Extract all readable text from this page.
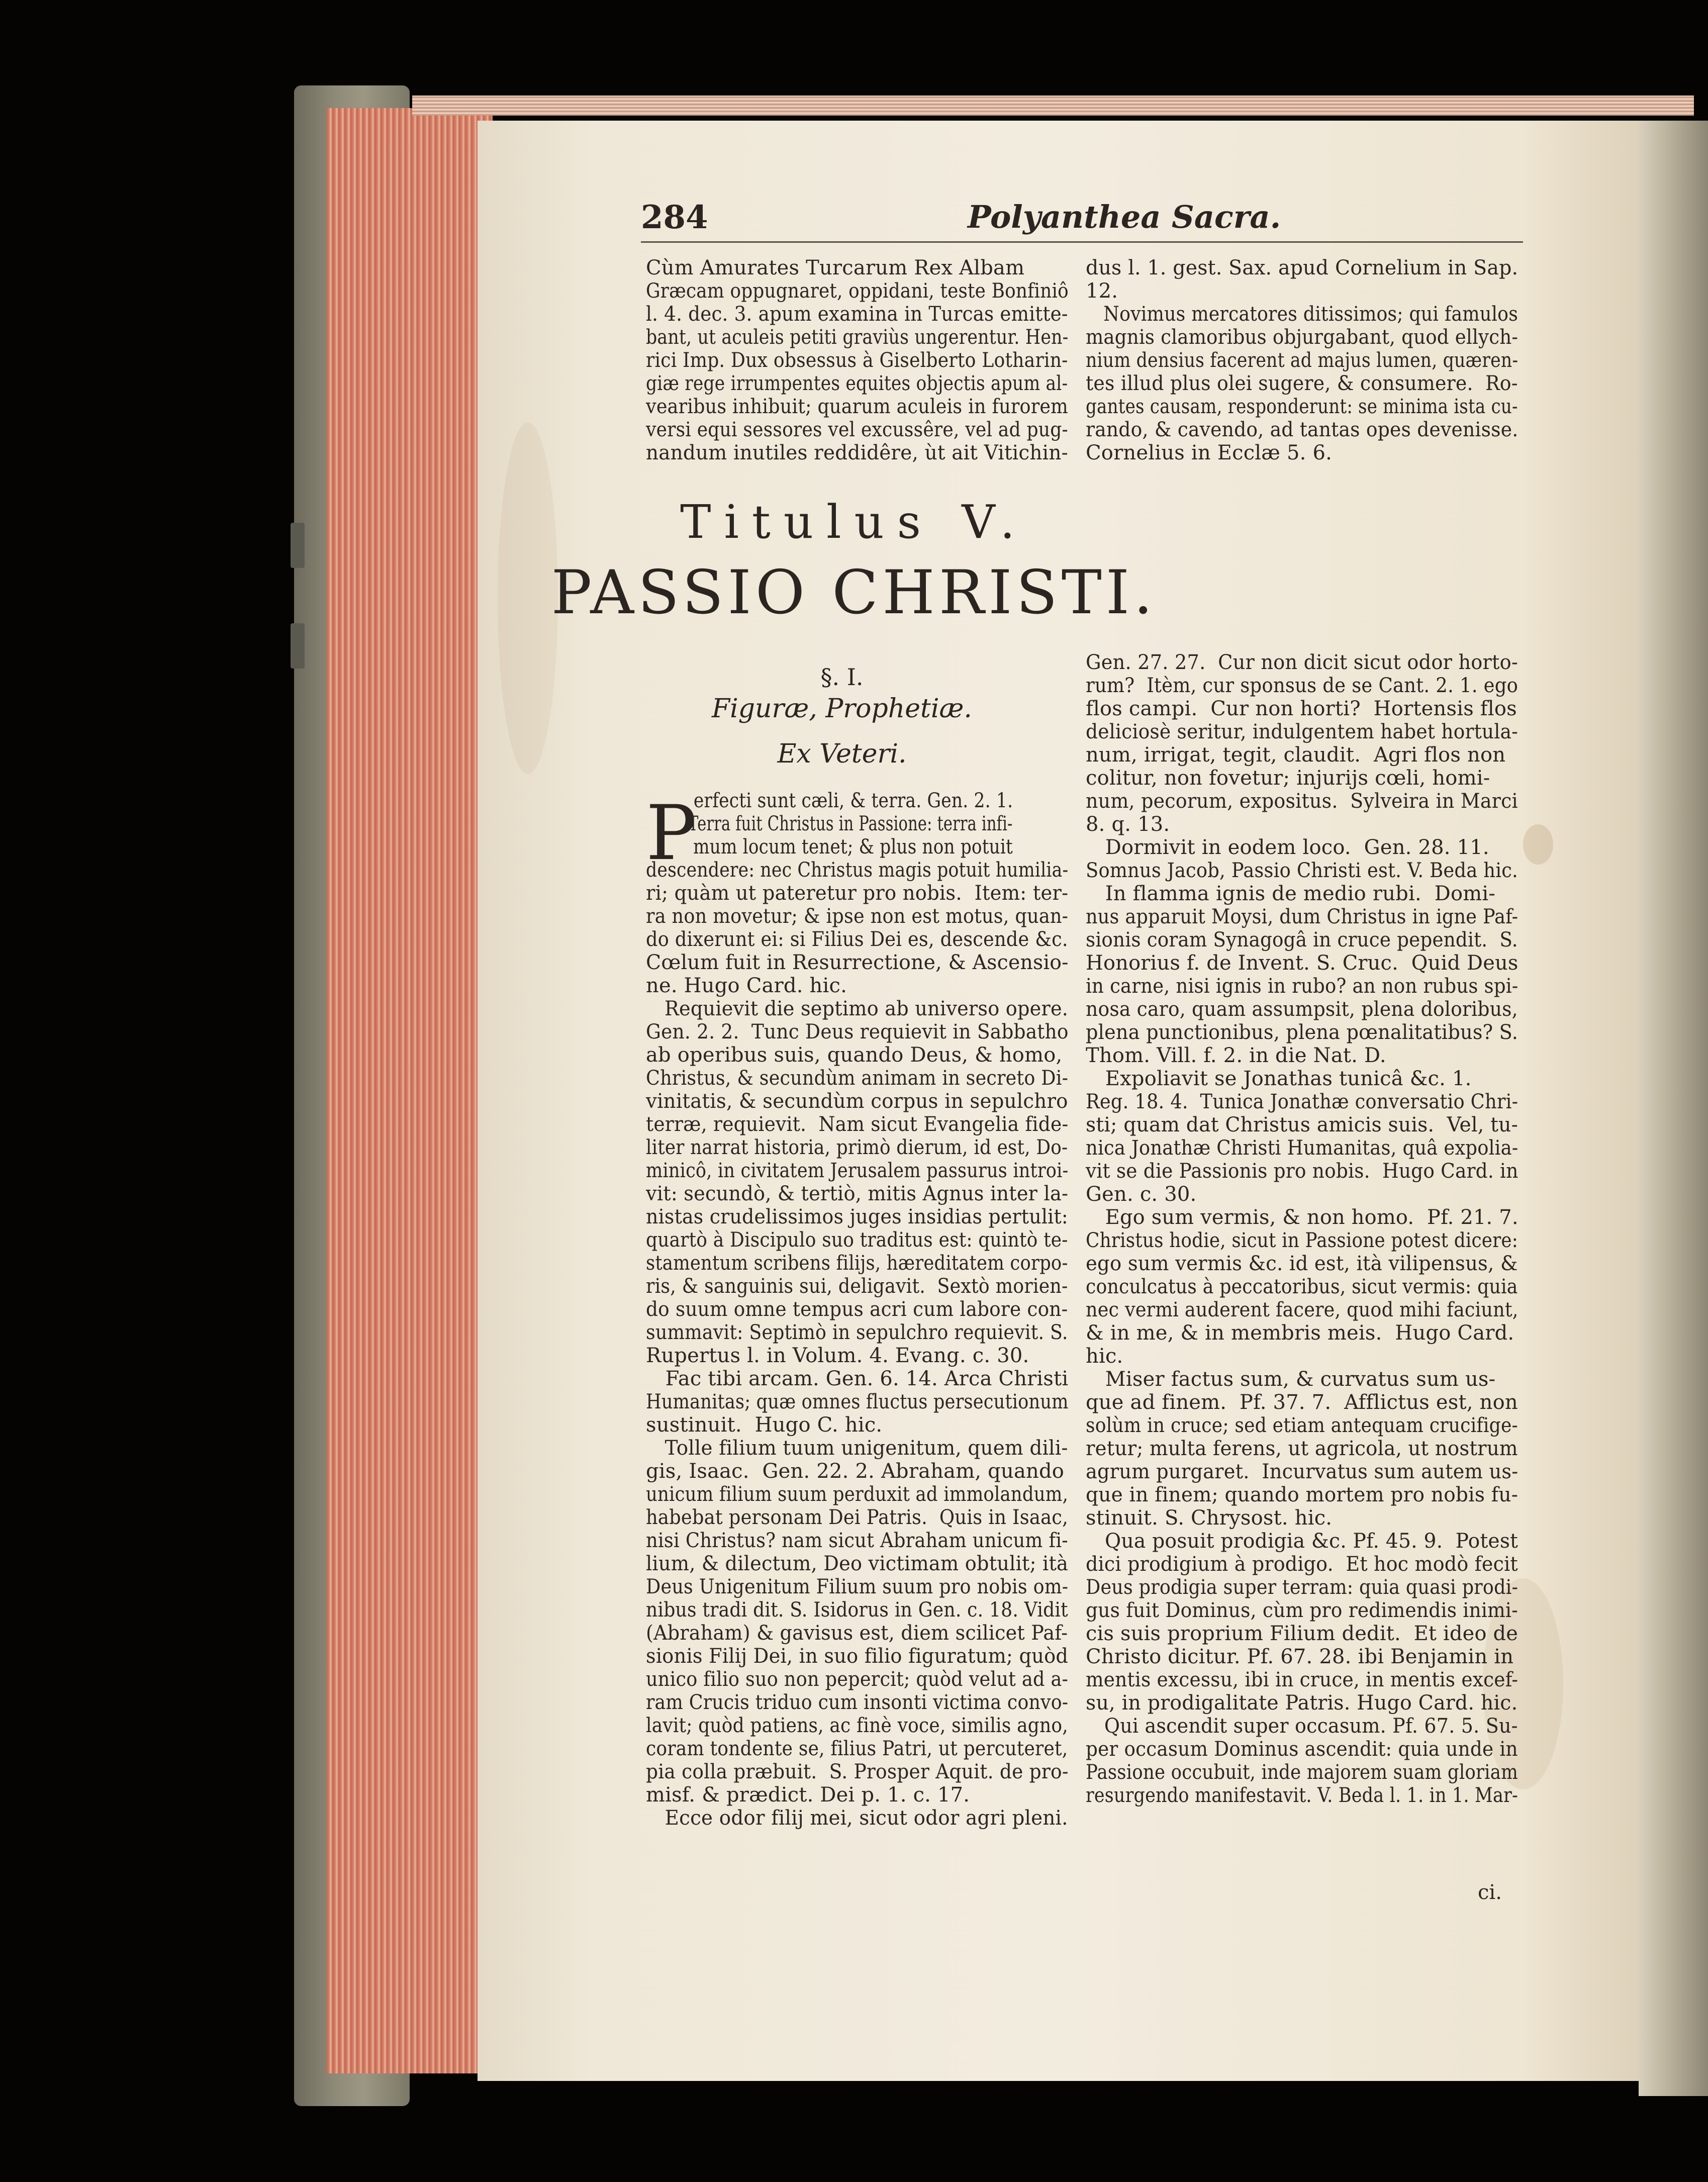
284	Polyanthea Sacra.
Cùm Amurates Turcarum Rex Albam
Græcam oppugnaret, oppidani, teste Bonfiniô
l. 4. dec. 3. apum examina in Turcas emitte-
bant, ut aculeis petiti graviùs ungerentur. Hen-
rici Imp. Dux obsessus à Giselberto Lotharin-
giæ rege irrumpentes equites objectis apum al-
vearibus inhibuit; quarum aculeis in furorem
versi equi sessores vel excussêre, vel ad pug-
nandum inutiles reddidêre, ùt ait Vitichin-
dus l. 1. gest. Sax. apud Cornelium in Sap.
12.
Novimus mercatores ditissimos; qui famulos
magnis clamoribus objurgabant, quod ellych-
nium densius facerent ad majus lumen, quæren-
tes illud plus olei sugere, & consumere.  Ro-
gantes causam, responderunt: se minima ista cu-
rando, & cavendo, ad tantas opes devenisse.
Cornelius in Ecclæ 5. 6.
Titulus V.
PASSIO CHRISTI.
§. I.
Figuræ, Prophetiæ.
Ex Veteri.
P
erfecti sunt cæli, & terra. Gen. 2. 1.
Terra fuit Christus in Passione: terra infi-
mum locum tenet; & plus non potuit
descendere: nec Christus magis potuit humilia-
ri; quàm ut pateretur pro nobis.  Item: ter-
ra non movetur; & ipse non est motus, quan-
do dixerunt ei: si Filius Dei es, descende &c.
Cœlum fuit in Resurrectione, & Ascensio-
ne. Hugo Card. hic.
Requievit die septimo ab universo opere.
Gen. 2. 2.  Tunc Deus requievit in Sabbatho
ab operibus suis, quando Deus, & homo,
Christus, & secundùm animam in secreto Di-
vinitatis, & secundùm corpus in sepulchro
terræ, requievit.  Nam sicut Evangelia fide-
liter narrat historia, primò dierum, id est, Do-
minicô, in civitatem Jerusalem passurus introi-
vit: secundò, & tertiò, mitis Agnus inter la-
nistas crudelissimos juges insidias pertulit:
quartò à Discipulo suo traditus est: quintò te-
stamentum scribens filijs, hæreditatem corpo-
ris, & sanguinis sui, deligavit.  Sextò morien-
do suum omne tempus acri cum labore con-
summavit: Septimò in sepulchro requievit. S.
Rupertus l. in Volum. 4. Evang. c. 30.
Fac tibi arcam. Gen. 6. 14. Arca Christi
Humanitas; quæ omnes fluctus persecutionum
sustinuit.  Hugo C. hic.
Tolle filium tuum unigenitum, quem dili-
gis, Isaac.  Gen. 22. 2. Abraham, quando
unicum filium suum perduxit ad immolandum,
habebat personam Dei Patris.  Quis in Isaac,
nisi Christus? nam sicut Abraham unicum fi-
lium, & dilectum, Deo victimam obtulit; ità
Deus Unigenitum Filium suum pro nobis om-
nibus tradi dit. S. Isidorus in Gen. c. 18. Vidit
(Abraham) & gavisus est, diem scilicet Paf-
sionis Filij Dei, in suo filio figuratum; quòd
unico filio suo non pepercit; quòd velut ad a-
ram Crucis triduo cum insonti victima convo-
lavit; quòd patiens, ac finè voce, similis agno,
coram tondente se, filius Patri, ut percuteret,
pia colla præbuit.  S. Prosper Aquit. de pro-
misf. & prædict. Dei p. 1. c. 17.
Ecce odor filij mei, sicut odor agri pleni.
Gen. 27. 27.  Cur non dicit sicut odor horto-
rum?  Itèm, cur sponsus de se Cant. 2. 1. ego
flos campi.  Cur non horti?  Hortensis flos
deliciosè seritur, indulgentem habet hortula-
num, irrigat, tegit, claudit.  Agri flos non
colitur, non fovetur; injurijs cœli, homi-
num, pecorum, expositus.  Sylveira in Marci
8. q. 13.
Dormivit in eodem loco.  Gen. 28. 11.
Somnus Jacob, Passio Christi est. V. Beda hic.
In flamma ignis de medio rubi.  Domi-
nus apparuit Moysi, dum Christus in igne Paf-
sionis coram Synagogâ in cruce pependit.  S.
Honorius f. de Invent. S. Cruc.  Quid Deus
in carne, nisi ignis in rubo? an non rubus spi-
nosa caro, quam assumpsit, plena doloribus,
plena punctionibus, plena pœnalitatibus? S.
Thom. Vill. f. 2. in die Nat. D.
Expoliavit se Jonathas tunicâ &c. 1.
Reg. 18. 4.  Tunica Jonathæ conversatio Chri-
sti; quam dat Christus amicis suis.  Vel, tu-
nica Jonathæ Christi Humanitas, quâ expolia-
vit se die Passionis pro nobis.  Hugo Card. in
Gen. c. 30.
Ego sum vermis, & non homo.  Pf. 21. 7.
Christus hodie, sicut in Passione potest dicere:
ego sum vermis &c. id est, ità vilipensus, &
conculcatus à peccatoribus, sicut vermis: quia
nec vermi auderent facere, quod mihi faciunt,
& in me, & in membris meis.  Hugo Card.
hic.
Miser factus sum, & curvatus sum us-
que ad finem.  Pf. 37. 7.  Afflictus est, non
solùm in cruce; sed etiam antequam crucifige-
retur; multa ferens, ut agricola, ut nostrum
agrum purgaret.  Incurvatus sum autem us-
que in finem; quando mortem pro nobis fu-
stinuit. S. Chrysost. hic.
Qua posuit prodigia &c. Pf. 45. 9.  Potest
dici prodigium à prodigo.  Et hoc modò fecit
Deus prodigia super terram: quia quasi prodi-
gus fuit Dominus, cùm pro redimendis inimi-
cis suis proprium Filium dedit.  Et ideo de
Christo dicitur. Pf. 67. 28. ibi Benjamin in
mentis excessu, ibi in cruce, in mentis excef-
su, in prodigalitate Patris. Hugo Card. hic.
Qui ascendit super occasum. Pf. 67. 5. Su-
per occasum Dominus ascendit: quia unde in
Passione occubuit, inde majorem suam gloriam
resurgendo manifestavit. V. Beda l. 1. in 1. Mar-
ci.
